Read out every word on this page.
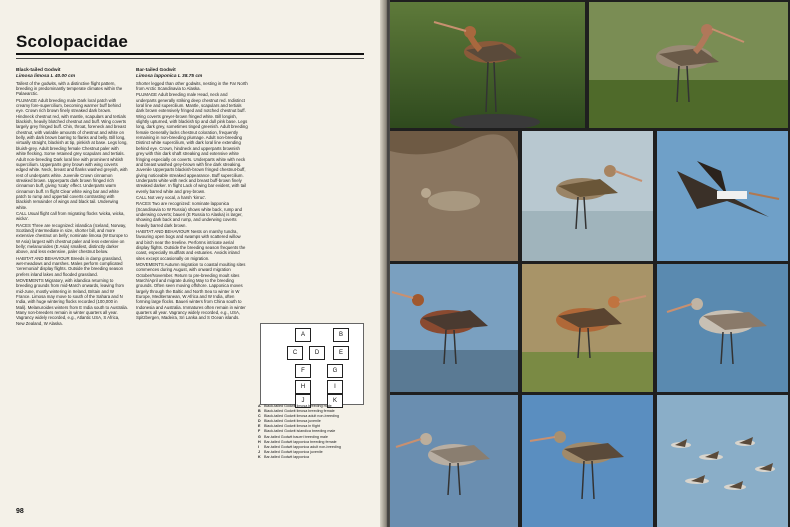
Scolopacidae

Black-tailed Godwit

Limosa limosa L 40.00 cm

Tallest of the godwits, with a distinctive flight pattern, breeding in predominantly temperate climates within the Palaearctic.

PLUMAGE Adult breeding male Dark loral patch with creamy fore-supercilium, becoming warmer buff behind eye. Crown rich brown finely streaked dark brown. Hindneck chestnut red, with mantle, scapulars and tertials blackish, heavily blotched chestnut and buff. Wing coverts largely grey fringed buff. Chin, throat, foreneck and breast chestnut, with variable amounts of chestnut and white on belly, with dark brown barring to flanks and belly. Bill long, virtually straight, blackish at tip, pinkish at base. Legs long, bluish-grey. Adult breeding female Chestnut paler with white flecking. Some retained grey scapulars and tertials. Adult non-breeding Dark loral line with prominent whitish supercilium. Upperparts grey brown with wing coverts edged white. Neck, breast and flanks washed greyish, with rest of underparts white. Juvenile Crown cinnamon streaked brown. Upperparts dark brown fringed rich cinnamon buff, giving 'scaly' effect. Underparts warm cinnamon buff. In flight Clear white wing bar and white patch to rump and uppertail coverts contrasting with blackish remainder of wings and black tail. Underwing white.

CALL Usual flight call from migrating flocks 'wicka, wicka, wicka'.

RACES Three are recognized: islandica (Iceland, Norway, Scotland) intermediate in size, shorter bill, and more extensive chestnut on belly; nominate limosa (W Europe to W Asia) largest with chestnut paler and less extensive on belly; melanuroides (E Asia) smallest, distinctly darker above, and less extensive, paler chestnut below.

HABITAT AND BEHAVIOUR Breeds in damp grassland, wet-meadows and marshes. Males perform complicated 'ceremonial' display flights. Outside the breeding season prefers inland lakes and flooded grassland.

MOVEMENTS Migratory, with islandica returning to breeding grounds from mid-March onwards, leaving from mid-June, mostly wintering in Ireland, Britain and W France. Limosa may move to south of the Sahara and N India, with huge wintering flocks recorded (100,000 in Mali). Melanuroides winters from E India south to Australia. Many non-breeders remain in winter quarters all year. Vagrancy widely recorded, e.g., Atlantic USA, S Africa, New Zealand, W Alaska.

Bar-tailed Godwit

Limosa lapponica L 38.75 cm

Shorter legged than other godwits, nesting in the Far North from Arctic Scandinavia to Alaska.

PLUMAGE Adult breeding male Head, neck and underparts generally striking deep chestnut red. Indistinct loral line and supercilium. Mantle, scapulars and tertials dark brown extensively fringed and notched chestnut buff. Wing coverts greyer-brown fringed white. Bill longish, slightly upturned, with blackish tip and dull pink base. Legs long, dark grey, sometimes tinged greenish. Adult breeding female Generally lacks chestnut coloration, frequently remaining in non-breeding plumage. Adult non-breeding Distinct white supercilium, with dark loral line extending behind eye. Crown, hindneck and upperparts brownish grey with thin dark shaft streaking and extensive white fringing especially on coverts. Underparts white with neck and breast washed grey-brown with fine dark streaking. Juvenile Upperparts blackish-brown fringed chestnut-buff, giving noticeable streaked appearance. Buff supercilium. Underparts white with neck and breast buff-brown finely streaked darker. In flight Lack of wing bar evident, with tail evenly barred white and grey-brown.

CALL Not very vocal, a harsh 'kirruc'.

RACES Two are recognized: nominate lapponica (Scandinavia to W Russia) shows white back, rump and underwing coverts; baueri (E Russia to Alaska) is larger, showing dark back and rump, and underwing coverts heavily barred dark brown.

HABITAT AND BEHAVIOUR Nests on marshy tundra, favouring open bogs and swamps with scattered willow and birch near the treeline. Performs intricate aerial display flights. Outside the breeding season frequents the coast, especially mudflats and estuaries. Avoids inland sites except occasionally on migration.

MOVEMENTS Autumn migration to coastal moulting sites commences during August, with onward migration October/November. Return to pre-breeding moult sites March/April and migrate during May to the breeding grounds. Often seen moving offshore. Lapponica moves largely through the Baltic and North Sea to winter in W Europe, Mediterranean, W Africa and W India, often forming large flocks. Baueri winters from China south to Indonesia and Australia. Immatures often remain in winter quarters all year. Vagrancy widely recorded, e.g., USA, Spitzbergen, Madeira, Sri Lanka and S Ocean islands.

A	B
C	D	E
F	G
H	I
J	K
A Black-tailed Godwit limosa breeding male
B Black-tailed Godwit limosa breeding female
C Black-tailed Godwit limosa adult non-breeding
D Black-tailed Godwit limosa juvenile
E Black-tailed Godwit limosa in flight
F	Black-tailed Godwit islandica breeding male
G Bar-tailed Godwit baueri breeding male
H Bar-tailed Godwit lapponica breeding female
I	Bar-tailed Godwit lapponica adult non-breeding
J	Bar-tailed Godwit lapponica juvenile
K Bar-tailed Godwit lapponica
98
